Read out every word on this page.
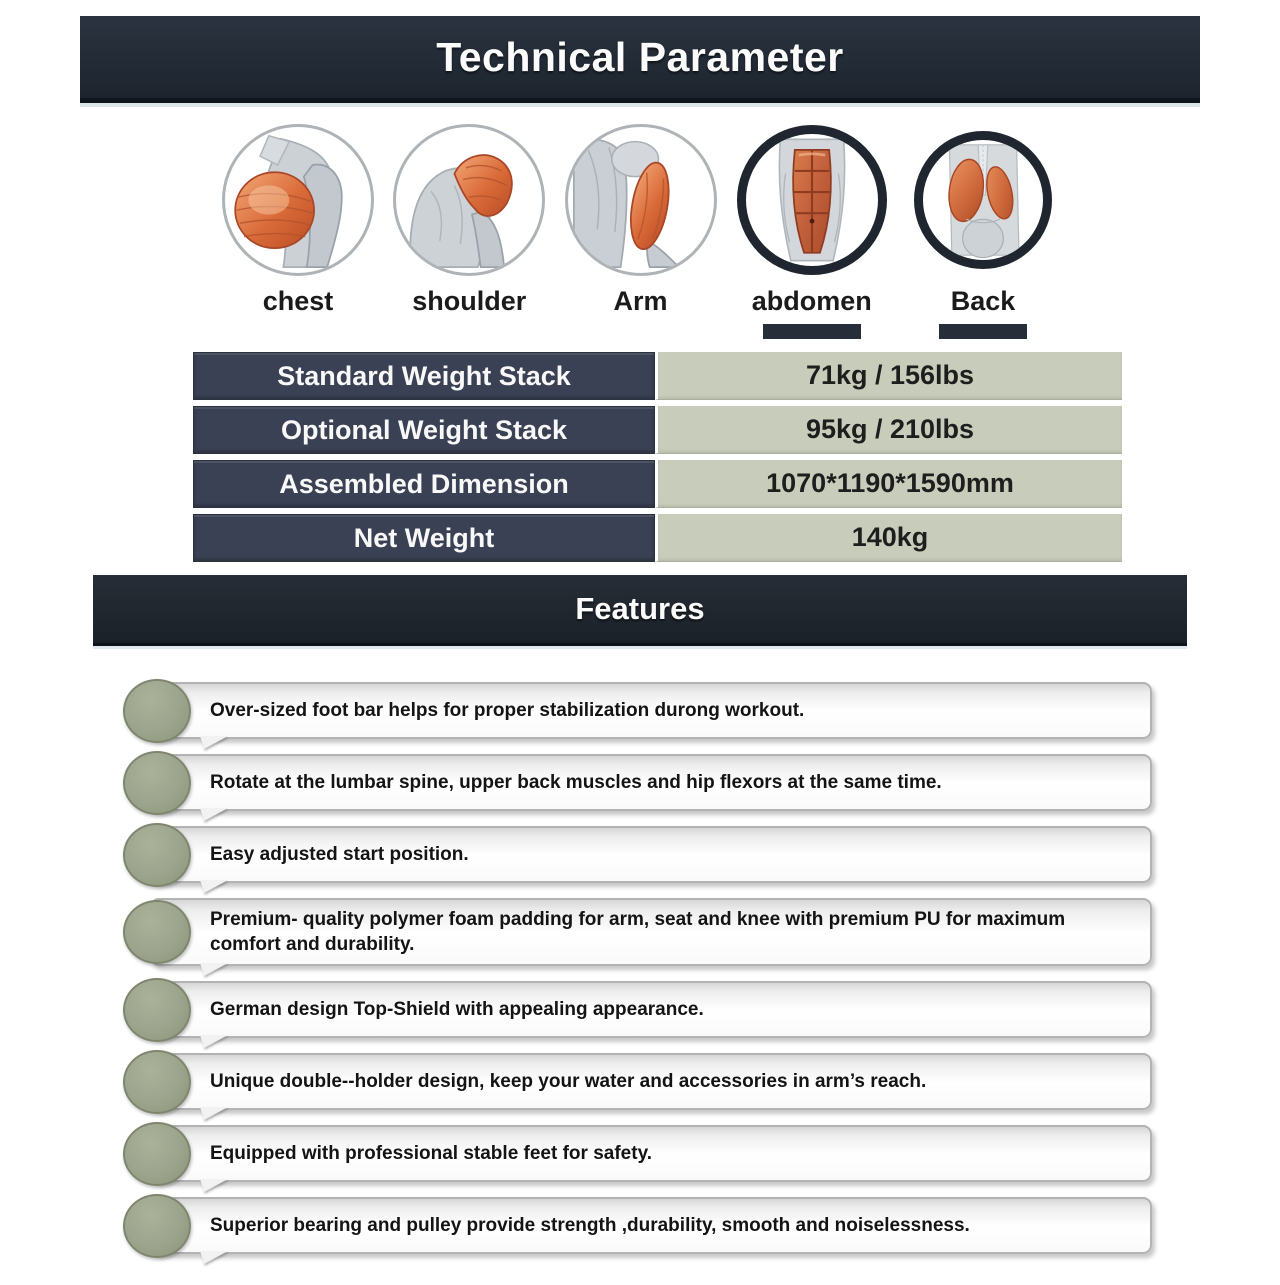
Technical Parameter
chest	shoulder	Arm	abdomen	Back
Standard Weight Stack	71kg / 156lbs
Optional Weight Stack	95kg / 210lbs
Assembled Dimension	1070*1190*1590mm
Net Weight	140kg
Features
Over-sized foot bar helps for proper stabilization durong workout.
Rotate at the lumbar spine, upper back muscles and hip flexors at the same time.
Easy adjusted start position.
Premium- quality polymer foam padding for arm, seat and knee with premium PU for maximum comfort and durability.
German design Top-Shield with appealing appearance.
Unique double--holder design, keep your water and accessories in arm’s reach.
Equipped with professional stable feet for safety.
Superior bearing and pulley provide strength ,durability, smooth and noiselessness.
